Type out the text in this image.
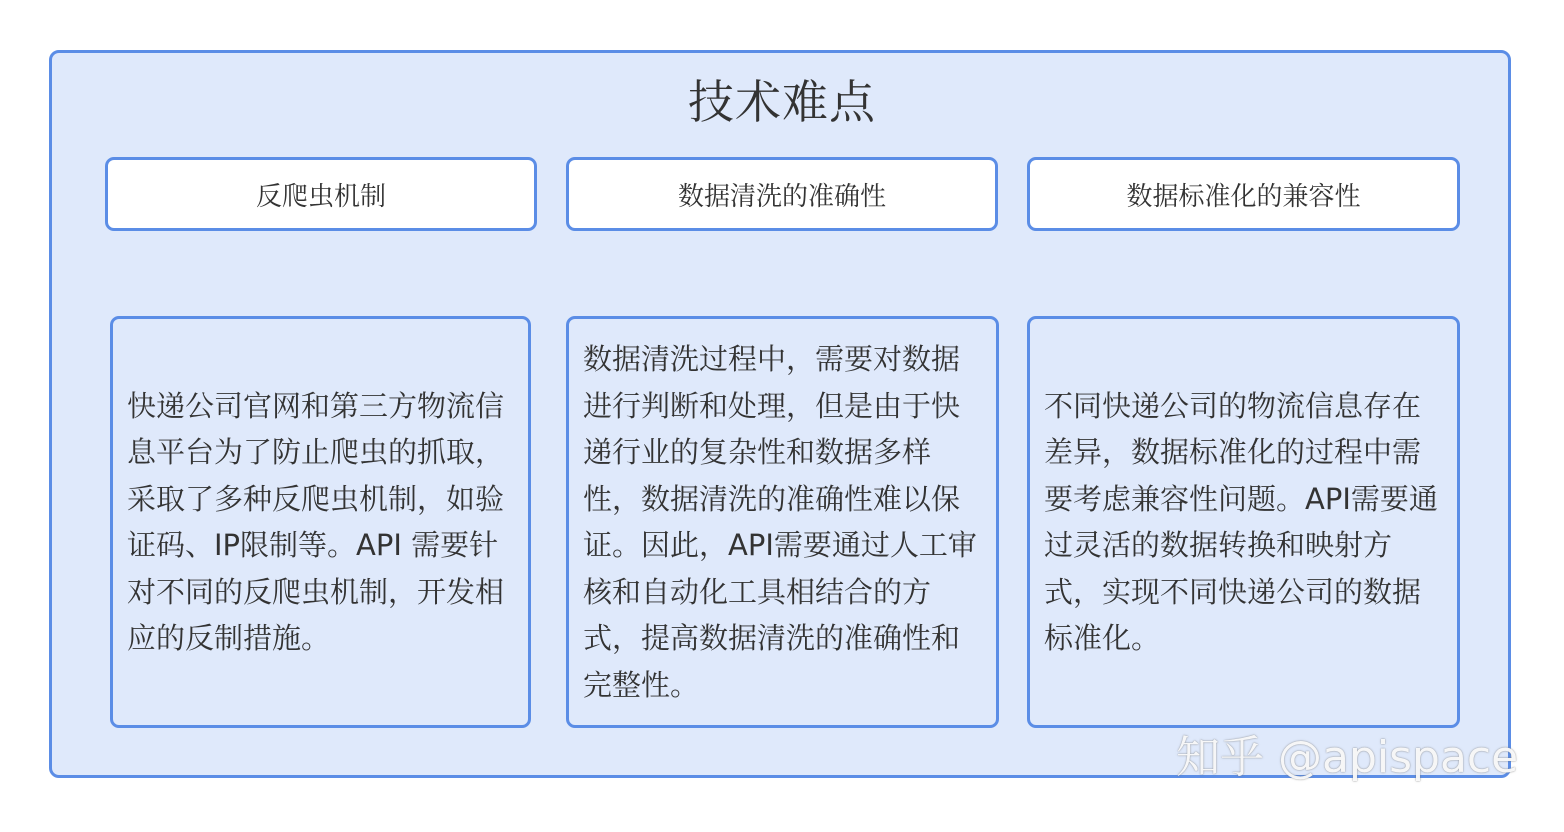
技术难点
反爬虫机制	数据清洗的准确性	数据标准化的兼容性
快递公司官网和第三方物流信息平台为了防止爬虫的抓取，采取了多种反爬虫机制，如验证码、IP限制等。API 需要针对不同的反爬虫机制，开发相应的反制措施。
数据清洗过程中，需要对数据进行判断和处理，但是由于快递行业的复杂性和数据多样性，数据清洗的准确性难以保证。因此，API需要通过人工审核和自动化工具相结合的方式，提高数据清洗的准确性和完整性。
不同快递公司的物流信息存在差异，数据标准化的过程中需要考虑兼容性问题。API需要通过灵活的数据转换和映射方式，实现不同快递公司的数据标准化。
知乎 @apispace
